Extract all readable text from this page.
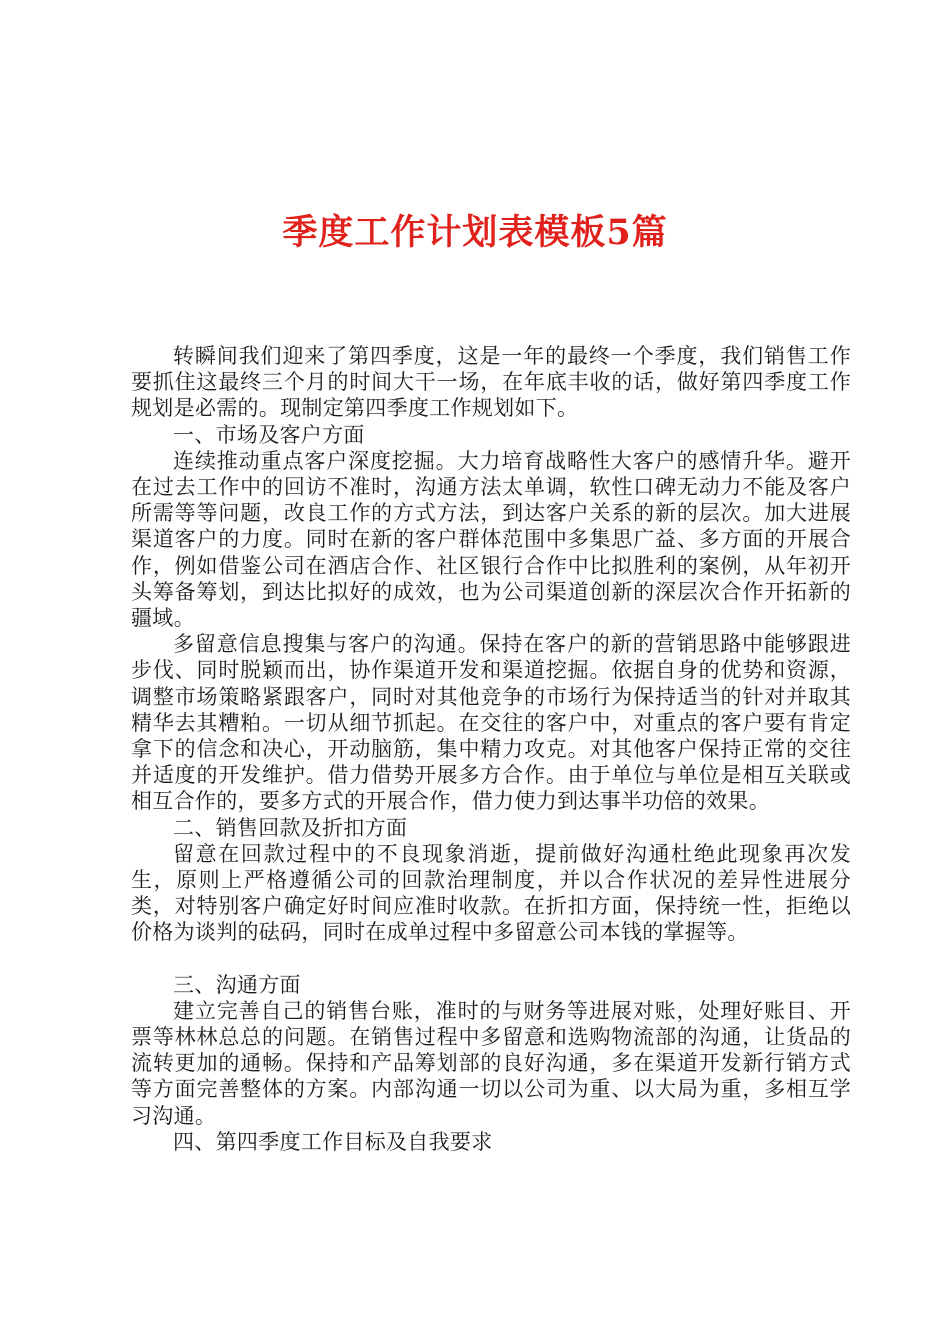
季度工作计划表模板5篇

转瞬间我们迎来了第四季度，这是一年的最终一个季度，我们销售工作要抓住这最终三个月的时间大干一场，在年底丰收的话，做好第四季度工作规划是必需的。现制定第四季度工作规划如下。

一、市场及客户方面

连续推动重点客户深度挖掘。大力培育战略性大客户的感情升华。避开在过去工作中的回访不准时，沟通方法太单调，软性口碑无动力不能及客户所需等等问题，改良工作的方式方法，到达客户关系的新的层次。加大进展渠道客户的力度。同时在新的客户群体范围中多集思广益、多方面的开展合作，例如借鉴公司在酒店合作、社区银行合作中比拟胜利的案例，从年初开头筹备筹划，到达比拟好的成效，也为公司渠道创新的深层次合作开拓新的疆域。

多留意信息搜集与客户的沟通。保持在客户的新的营销思路中能够跟进步伐、同时脱颖而出，协作渠道开发和渠道挖掘。依据自身的优势和资源，调整市场策略紧跟客户，同时对其他竞争的市场行为保持适当的针对并取其精华去其糟粕。一切从细节抓起。在交往的客户中，对重点的客户要有肯定拿下的信念和决心，开动脑筋，集中精力攻克。对其他客户保持正常的交往并适度的开发维护。借力借势开展多方合作。由于单位与单位是相互关联或相互合作的，要多方式的开展合作，借力使力到达事半功倍的效果。

二、销售回款及折扣方面

留意在回款过程中的不良现象消逝，提前做好沟通杜绝此现象再次发生，原则上严格遵循公司的回款治理制度，并以合作状况的差异性进展分类，对特别客户确定好时间应准时收款。在折扣方面，保持统一性，拒绝以价格为谈判的砝码，同时在成单过程中多留意公司本钱的掌握等。

三、沟通方面

建立完善自己的销售台账，准时的与财务等进展对账，处理好账目、开票等林林总总的问题。在销售过程中多留意和选购物流部的沟通，让货品的流转更加的通畅。保持和产品筹划部的良好沟通，多在渠道开发新行销方式等方面完善整体的方案。内部沟通一切以公司为重、以大局为重，多相互学习沟通。

四、第四季度工作目标及自我要求
